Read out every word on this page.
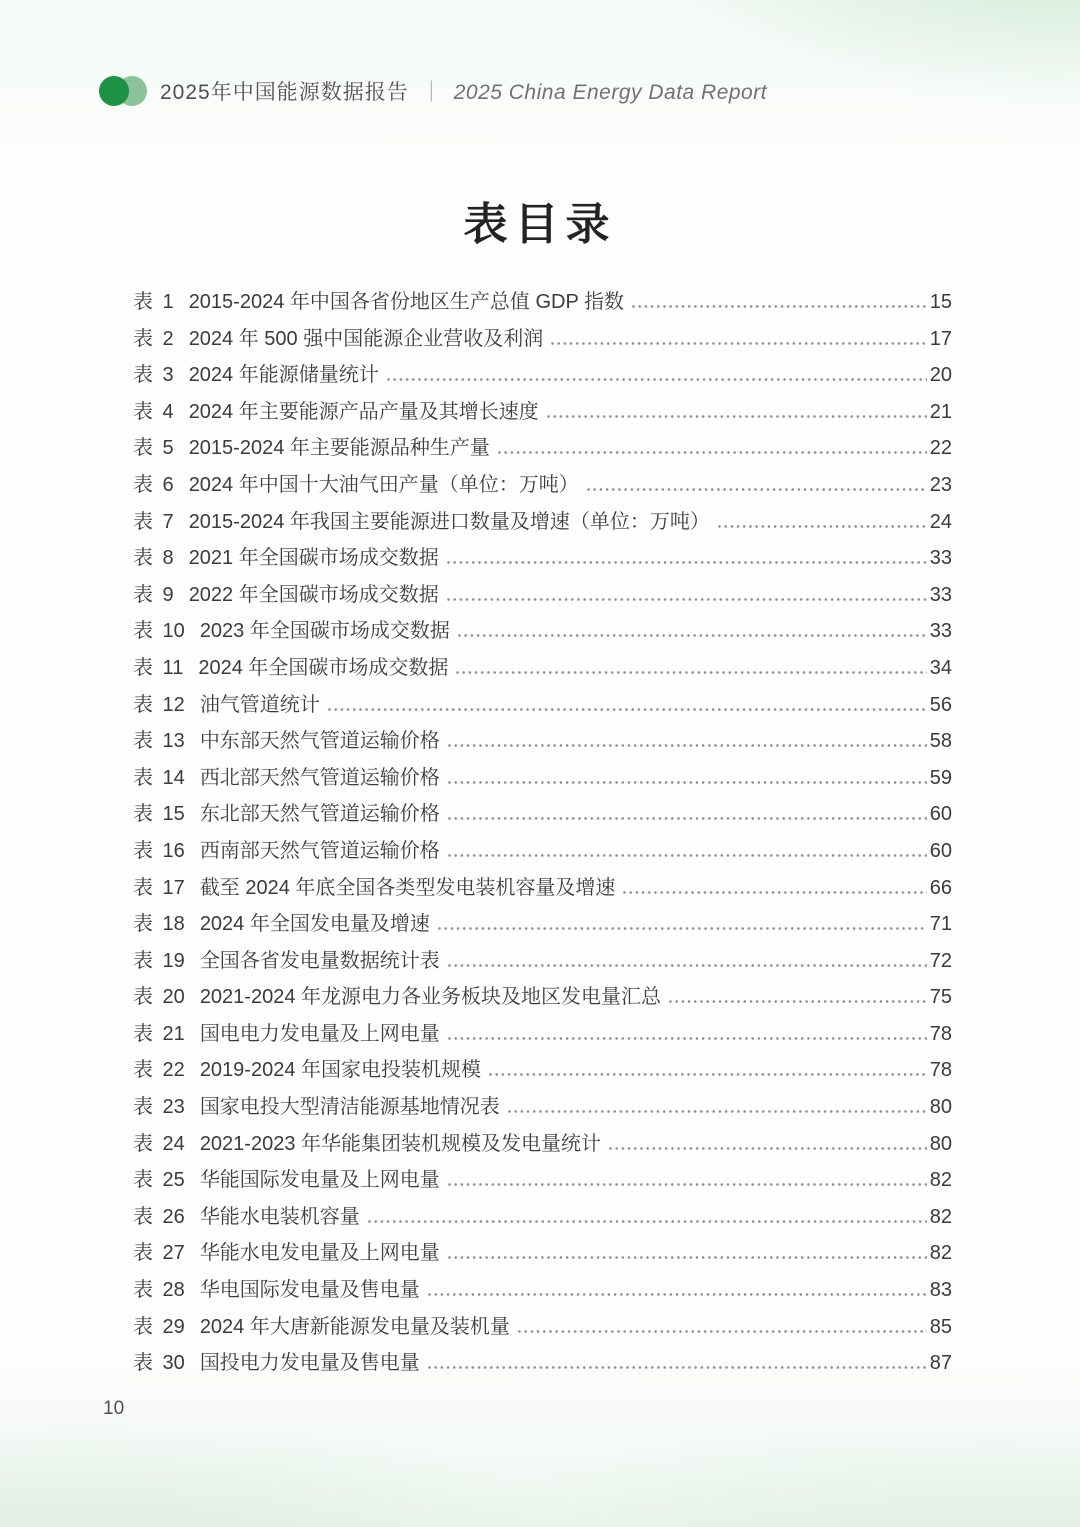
2025年中国能源数据报告 ｜ 2025 China Energy Data Report
表目录
表 1 2015-2024 年中国各省份地区生产总值 GDP 指数	15
表 2 2024 年 500 强中国能源企业营收及利润	17
表 3 2024 年能源储量统计	20
表 4 2024 年主要能源产品产量及其增长速度	21
表 5 2015-2024 年主要能源品种生产量	22
表 6 2024 年中国十大油气田产量（单位：万吨）	23
表 7 2015-2024 年我国主要能源进口数量及增速（单位：万吨）	24
表 8 2021 年全国碳市场成交数据	33
表 9 2022 年全国碳市场成交数据	33
表 10 2023 年全国碳市场成交数据	33
表 11 2024 年全国碳市场成交数据	34
表 12 油气管道统计	56
表 13 中东部天然气管道运输价格	58
表 14 西北部天然气管道运输价格	59
表 15 东北部天然气管道运输价格	60
表 16 西南部天然气管道运输价格	60
表 17 截至 2024 年底全国各类型发电装机容量及增速	66
表 18 2024 年全国发电量及增速	71
表 19 全国各省发电量数据统计表	72
表 20 2021-2024 年龙源电力各业务板块及地区发电量汇总	75
表 21 国电电力发电量及上网电量	78
表 22 2019-2024 年国家电投装机规模	78
表 23 国家电投大型清洁能源基地情况表	80
表 24 2021-2023 年华能集团装机规模及发电量统计	80
表 25 华能国际发电量及上网电量	82
表 26 华能水电装机容量	82
表 27 华能水电发电量及上网电量	82
表 28 华电国际发电量及售电量	83
表 29 2024 年大唐新能源发电量及装机量	85
表 30 国投电力发电量及售电量	87
10
